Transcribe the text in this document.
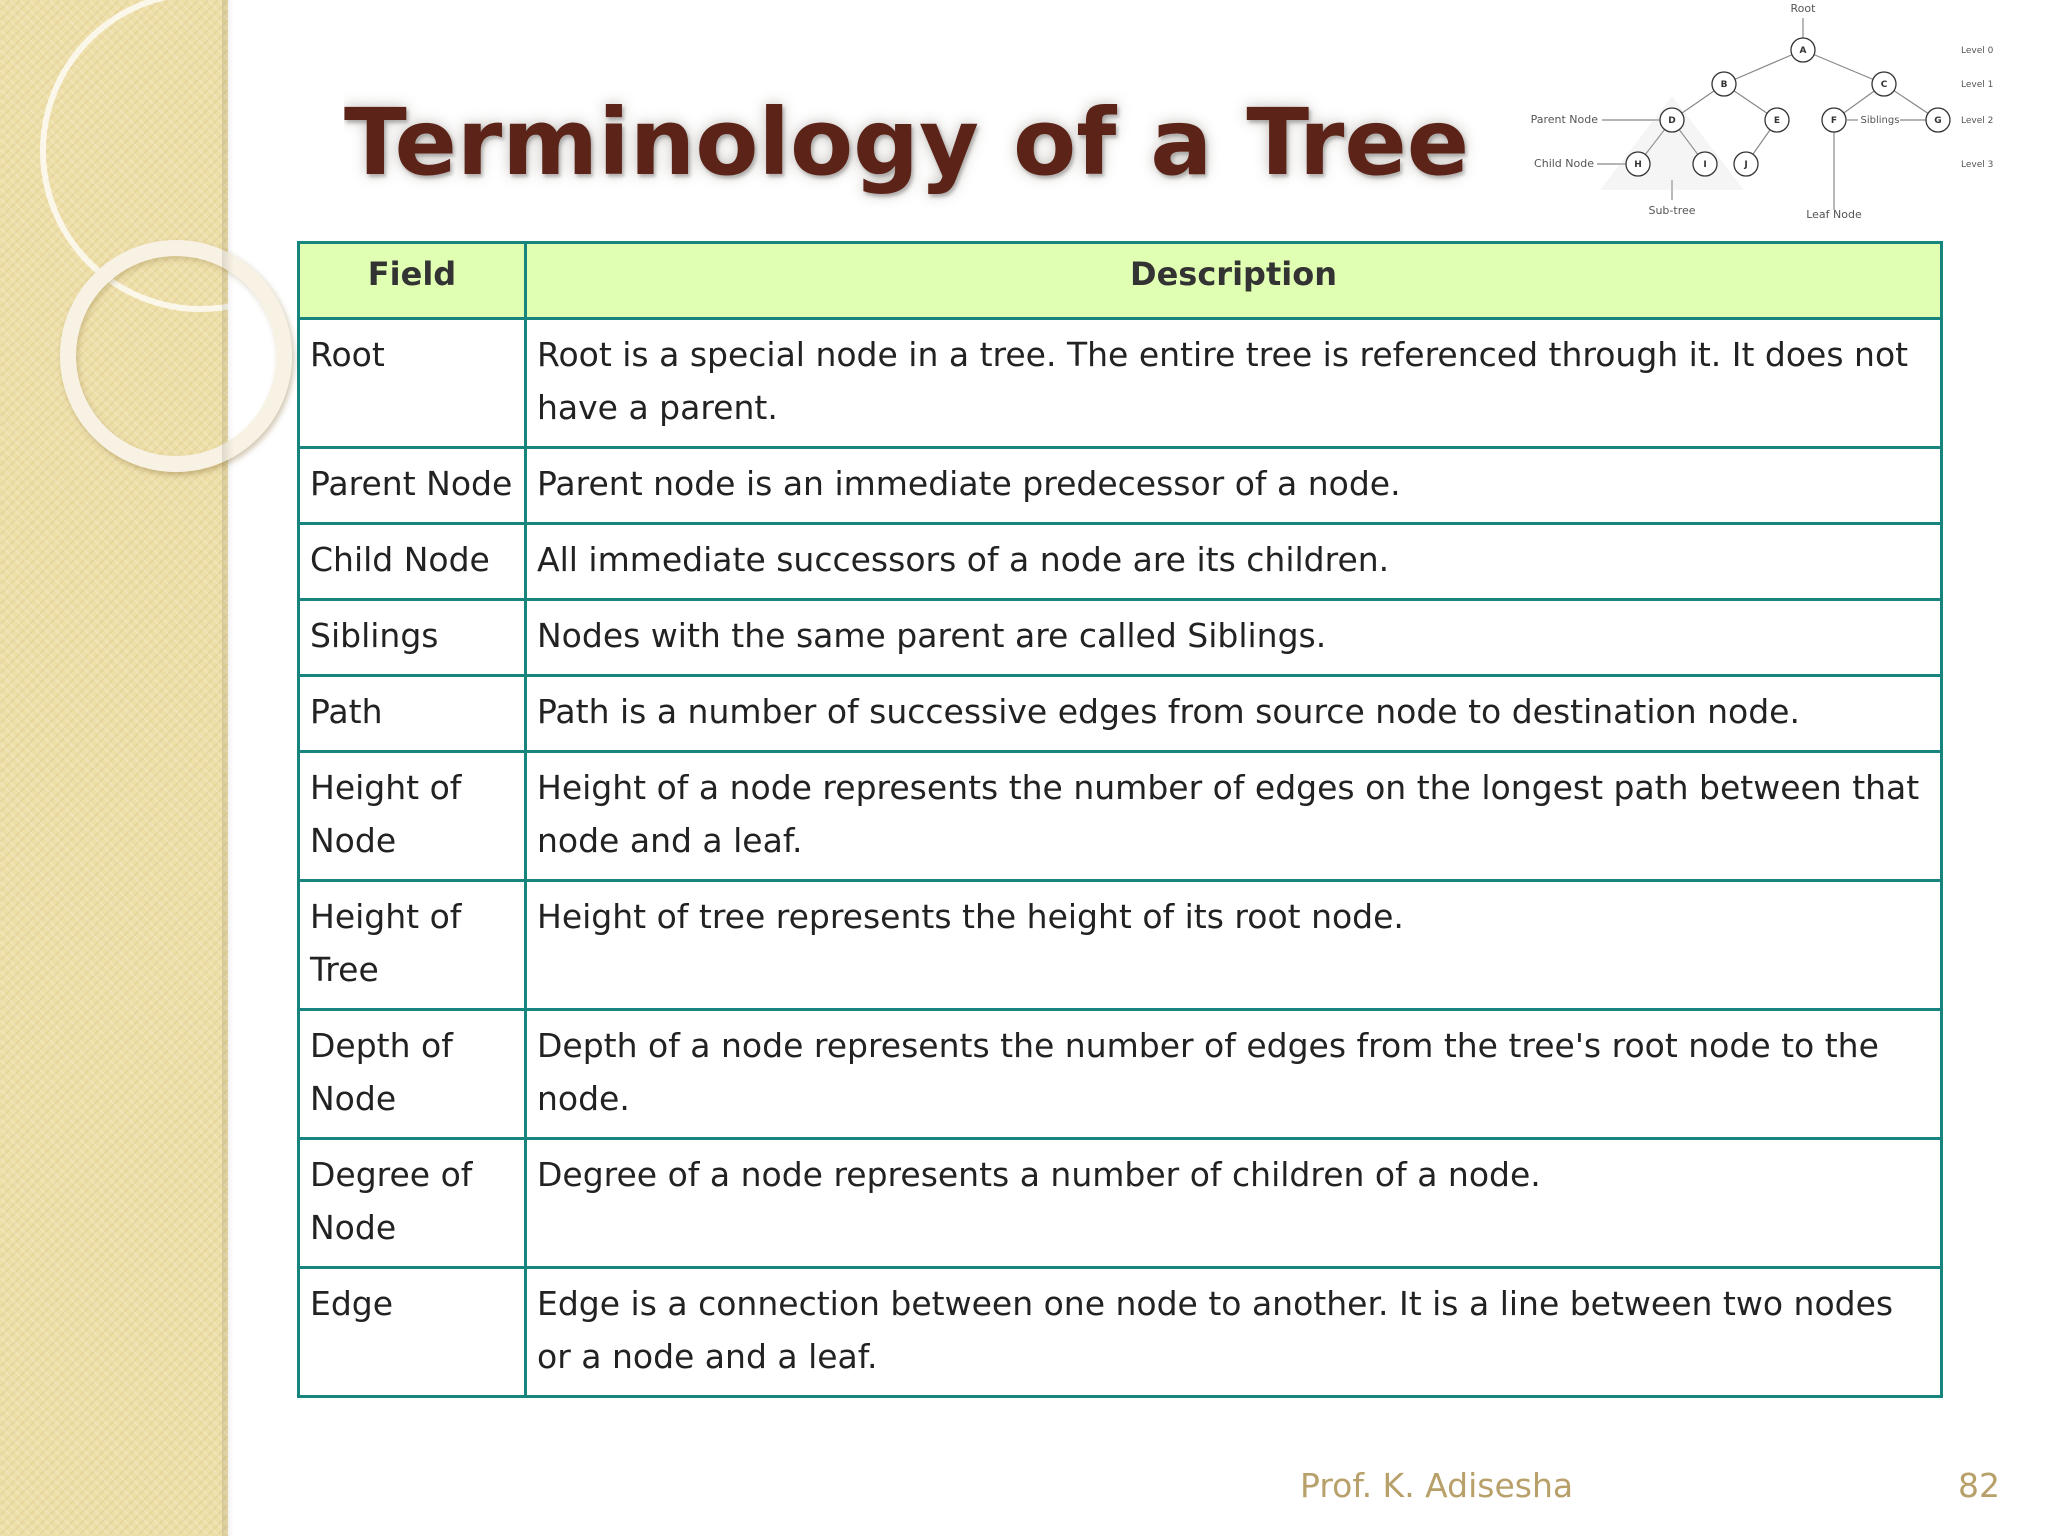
Terminology of a Tree
A
B	C
D	E	F	G
H	I	J
Root
Parent Node
Child Node
Siblings
Sub-tree	Leaf Node
Level 0
Level 1
Level 2
Level 3
Field	Description
Root	Root is a special node in a tree. The entire tree is referenced through it. It does not have a parent.
Parent Node	Parent node is an immediate predecessor of a node.
Child Node	All immediate successors of a node are its children.
Siblings	Nodes with the same parent are called Siblings.
Path	Path is a number of successive edges from source node to destination node.
Height of Node	Height of a node represents the number of edges on the longest path between that node and a leaf.
Height of Tree	Height of tree represents the height of its root node.
Depth of Node	Depth of a node represents the number of edges from the tree's root node to the node.
Degree of Node	Degree of a node represents a number of children of a node.
Edge	Edge is a connection between one node to another. It is a line between two nodes or a node and a leaf.
Prof. K. Adisesha	82
